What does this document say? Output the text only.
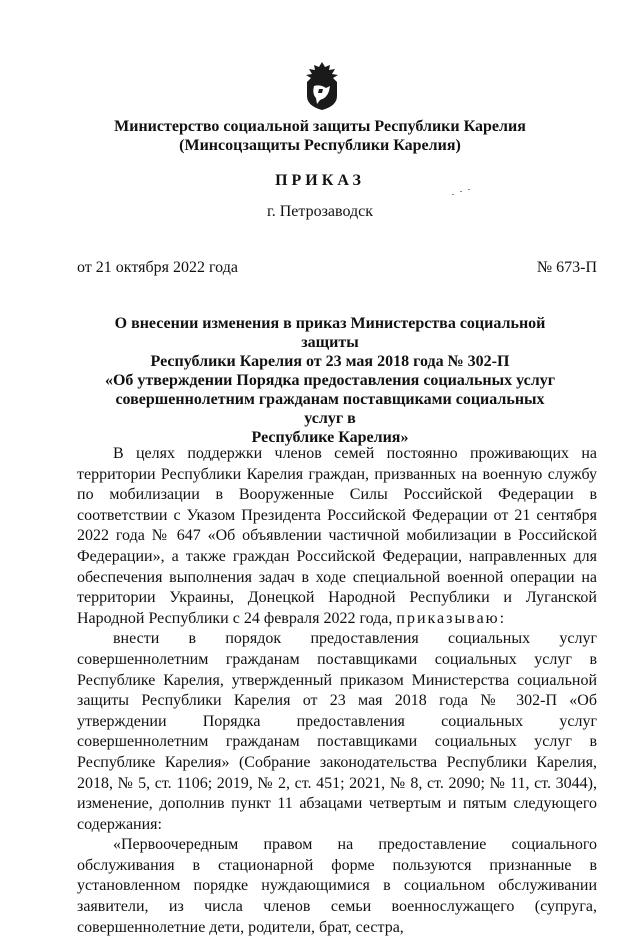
Министерство социальной защиты Республики Карелия
(Минсоцзащиты Республики Карелия)
ПРИКАЗ
г. Петрозаводск
от 21 октября 2022 года	№ 673-П
О внесении изменения в приказ Министерства социальной защиты
Республики Карелия от 23 мая 2018 года № 302-П
«Об утверждении Порядка предоставления социальных услуг
совершеннолетним гражданам поставщиками социальных услуг в
Республике Карелия»

В целях поддержки членов семей постоянно проживающих на территории Республики Карелия граждан, призванных на военную службу по мобилизации в Вооруженные Силы Российской Федерации в соответствии с Указом Президента Российской Федерации от 21 сентября 2022 года № 647 «Об объявлении частичной мобилизации в Российской Федерации», а также граждан Российской Федерации, направленных для обеспечения выполнения задач в ходе специальной военной операции на территории Украины, Донецкой Народной Республики и Луганской Народной Республики с 24 февраля 2022 года, приказываю:

внести в порядок предоставления социальных услуг совершеннолетним гражданам поставщиками социальных услуг в Республике Карелия, утвержденный приказом Министерства социальной защиты Республики Карелия от 23 мая 2018 года № 302-П «Об утверждении Порядка предоставления социальных услуг совершеннолетним гражданам поставщиками социальных услуг в Республике Карелия» (Собрание законодательства Республики Карелия, 2018, № 5, ст. 1106; 2019, № 2, ст. 451; 2021, № 8, ст. 2090; № 11, ст. 3044), изменение, дополнив пункт 11 абзацами четвертым и пятым следующего содержания:

«Первоочередным правом на предоставление социального обслуживания в стационарной форме пользуются признанные в установленном порядке нуждающимися в социальном обслуживании заявители, из числа членов семьи военнослужащего (супруга, совершеннолетние дети, родители, брат, сестра,
